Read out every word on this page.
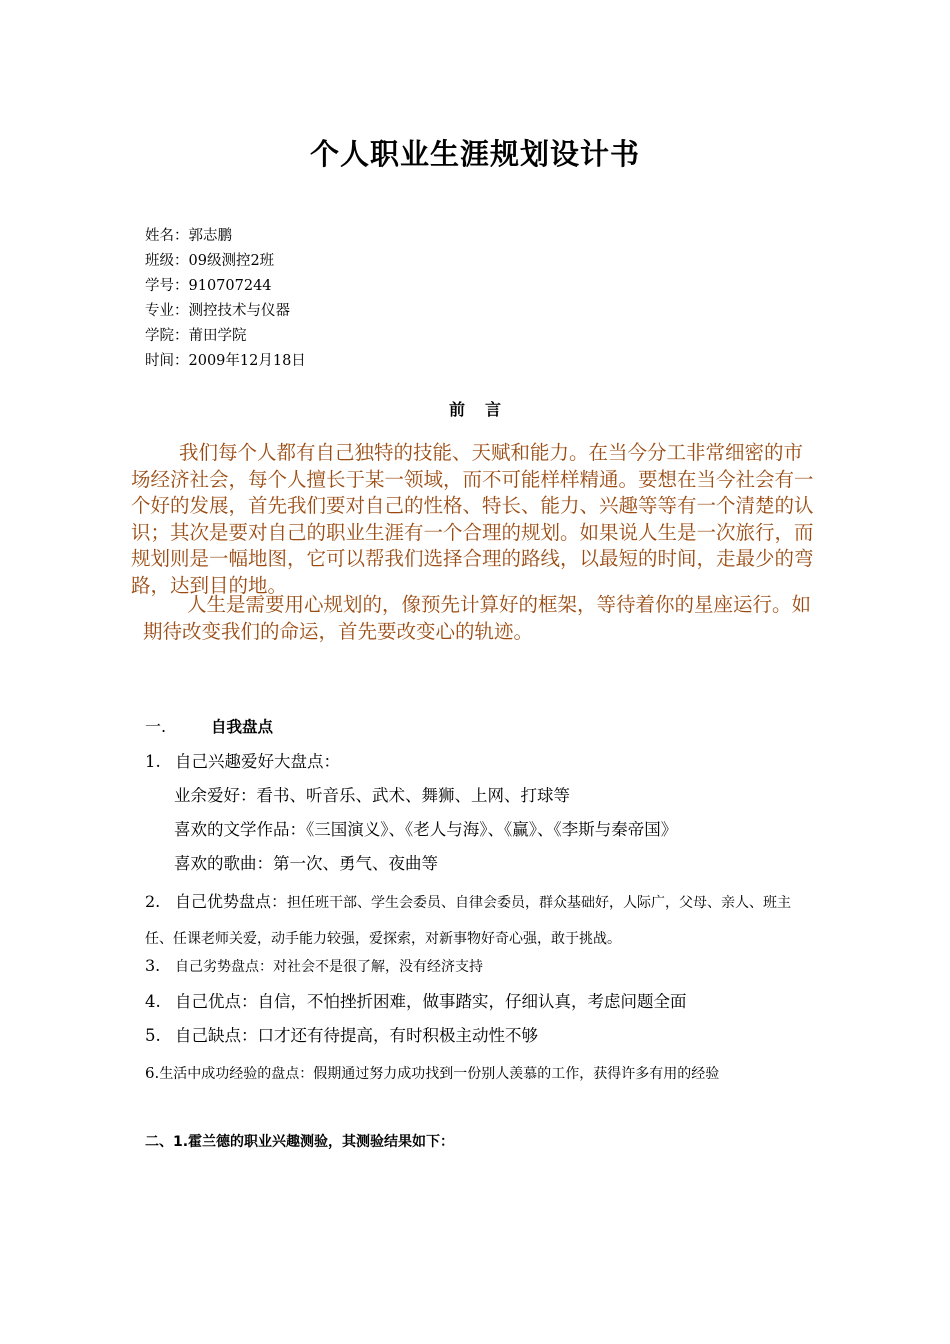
个人职业生涯规划设计书
姓名：郭志鹏
班级：09级测控2班
学号：910707244
专业：测控技术与仪器
学院：莆田学院
时间：2009年12月18日
前言
我们每个人都有自己独特的技能、天赋和能力。在当今分工非常细密的市场经济社会，每个人擅长于某一领域，而不可能样样精通。要想在当今社会有一个好的发展，首先我们要对自己的性格、特长、能力、兴趣等等有一个清楚的认识；其次是要对自己的职业生涯有一个合理的规划。如果说人生是一次旅行，而规划则是一幅地图，它可以帮我们选择合理的路线，以最短的时间，走最少的弯路，达到目的地。
人生是需要用心规划的，像预先计算好的框架，等待着你的星座运行。如期待改变我们的命运，首先要改变心的轨迹。
一.	自我盘点
1. 自己兴趣爱好大盘点：
业余爱好：看书、听音乐、武术、舞狮、上网、打球等
喜欢的文学作品：《三国演义》、《老人与海》、《赢》、《李斯与秦帝国》
喜欢的歌曲：第一次、勇气、夜曲等
2. 自己优势盘点：担任班干部、学生会委员、自律会委员，群众基础好，人际广，父母、亲人、班主任、任课老师关爱，动手能力较强，爱探索，对新事物好奇心强，敢于挑战。
3. 自己劣势盘点：对社会不是很了解，没有经济支持
4. 自己优点：自信，不怕挫折困难，做事踏实，仔细认真，考虑问题全面
5. 自己缺点：口才还有待提高，有时积极主动性不够
6.生活中成功经验的盘点：假期通过努力成功找到一份别人羡慕的工作，获得许多有用的经验
二、1.霍兰德的职业兴趣测验，其测验结果如下：
